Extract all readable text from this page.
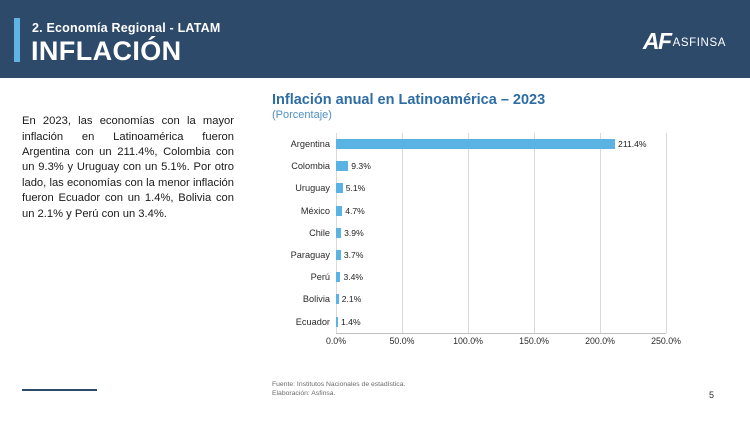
2. Economía Regional - LATAM
INFLACIÓN	AF ASFINSA

En 2023, las economías con la mayor inflación en Latinoamérica fueron Argentina con un 211.4%, Colombia con un 9.3% y Uruguay con un 5.1%. Por otro lado, las economías con la menor inflación fueron Ecuador con un 1.4%, Bolivia con un 2.1% y Perú con un 3.4%.

Inflación anual en Latinoamérica – 2023
(Porcentaje)
Argentina	211.4%
Colombia 9.3%
Uruguay 5.1%
México 4.7%
Chile 3.9%
Paraguay 3.7%
Perú 3.4%
Bolivia 2.1%
Ecuador 1.4%
0.0%	50.0%	100.0%	150.0%	200.0%	250.0%
Fuente: Institutos Nacionales de estadística.
Elaboración: Asfinsa.	5
